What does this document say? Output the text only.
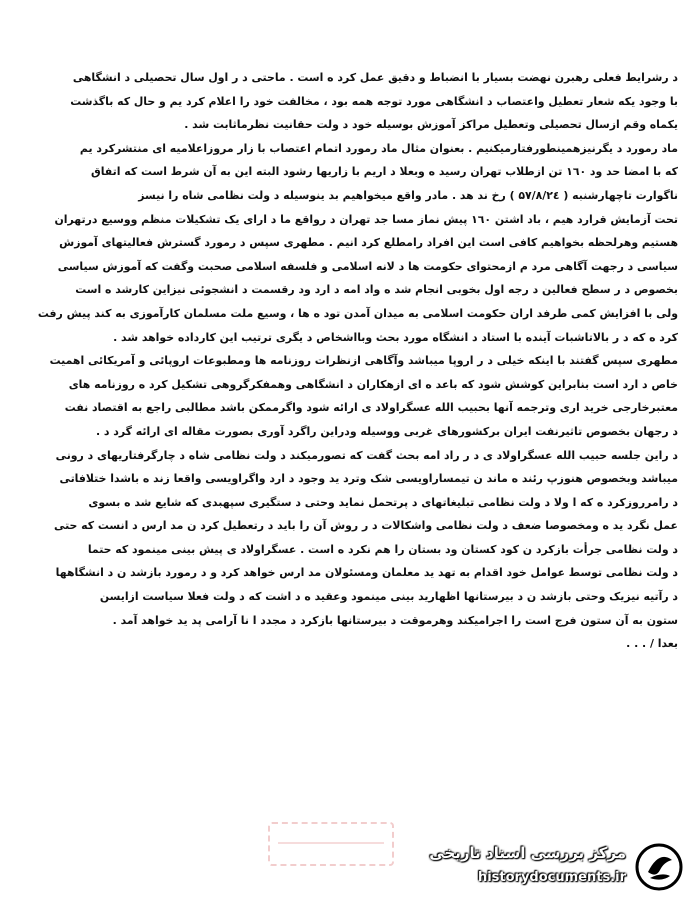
د رشرایط فعلی رهبرن نهضت بسیار با انضباط و دقیق عمل کرد ه است . ماحتی د ر اول سال تحصیلی د انشگاهی
با وجود یکه شعار تعطیل واعتصاب د انشگاهی مورد توجه همه بود ، مخالفت خود را اعلام کرد یم و حال که باگذشت
یکماه وقم ازسال تحصیلی وتعطیل مراکز آموزش بوسیله خود د ولت حقانیت نظرماثابت شد .
ماد رمورد د یگرنیزهمینطورفتارمیکنیم . بعنوان مثال ماد رمورد اتمام اعتصاب با زار مروزاعلامیه ای منتشرکرد یم
که با امضا حد ود ١٦٠ تن ازطلاب تهران رسید ه وبعلا د اریم با زاریها رشود البته این به آن شرط است که اتفاق
ناگوارت تاچهارشنبه ( ۵٧/٨/٢٤ ) رخ ند هد . مادر واقع میخواهیم بد ینوسیله د ولت نظامی شاه را نیسز
تحت آزمایش قرارد هیم ، باد اشتن ١٦٠ پیش نماز مسا جد تهران د رواقع ما د ارای یک تشکیلات منظم ووسیع درتهران
هستیم وهرلحظه بخواهیم کافی است این افراد رامطلع کرد انیم . مطهری سپس د رمورد گسترش فعالیتهای آموزش
سیاسی د رجهت آگاهی مرد م ازمحتوای حکومت ها د لانه اسلامی و فلسفه اسلامی صحبت وگفت که آموزش سیاسی
بخصوص د ر سطح فعالین د رجه اول بخوبی انجام شد ه واد امه د ارد ود رقسمت د انشجوئی نیزاین کارشد ه است
ولی با افزایش کمی طرفد اران حکومت اسلامی به میدان آمدن تود ه ها ، وسیع ملت مسلمان کارآموزی به کند پیش رفت
کرد ه که د ر بالاتاشبات آینده با استاد د انشگاه مورد بحث وبااشخاص د یگری ترتیب این کارداده خواهد شد .
مطهری سپس گفتند با اینکه خیلی د ر اروپا میباشد وآگاهی ازنظرات روزنامه ها ومطبوعات اروپائی و آمریکائی اهمیت
خاص د ارد است بنابراین کوشش شود که باعد ه ای ازهکاران د انشگاهی وهمفکرگروهی تشکیل کرد ه روزنامه های
معتبرخارجی خرید اری وترجمه آنها بحبیب الله عسگراولاد ی ارائه شود واگرممکن باشد مطالبی راجع به اقتصاد نفت
د رجهان بخصوص تاثیرنفت ایران برکشورهای غربی ووسیله ودراین راگرد آوری بصورت مقاله ای ارائه گرد د .
د راین جلسه حبیب الله عسگراولاد ی د ر راد امه بحث گفت که تصورمیکند د ولت نظامی شاه د چارگرفتاریهای د رونی
میباشد وبخصوص هنوزپ رئند ه ماند ن تیمساراویسی شک وترد ید وجود د ارد واگراویسی واقعا زند ه باشدا ختلافاتی
د رامرروزکرد ه که ا ولا د ولت نظامی تبلیغاتهای د پرتحمل نماید وحتی د ستگیری سپهبدی که شایع شد ه بسوی
عمل نگرد ید ه ومخصوصا ضعف د ولت نظامی واشکالات د ر روش آن را باید د رتعطیل کرد ن مد ارس د انست که حتی
د ولت نظامی جرأت بازکرد ن کود کستان ود بستان را هم نکرد ه است . عسگراولاد ی پیش بینی مینمود که حتما
د ولت نظامی توسط عوامل خود اقدام به تهد ید معلمان ومسئولان مد ارس خواهد کرد و د رمورد بازشد ن د انشگاهها
د رآتیه نیزیک وحتی بازشد ن د بیرستانها اظهارید بینی مینمود وعقید ه د اشت که د ولت فعلا سیاست ازایسن
ستون به آن ستون فرج است را اجرامیکند وهرموقت د بیرستانها بازکرد د مجدد ا نا آرامی پد ید خواهد آمد .
بعدا / . . .
مرکز بررسی اسناد تاریخی
historydocuments.ir
